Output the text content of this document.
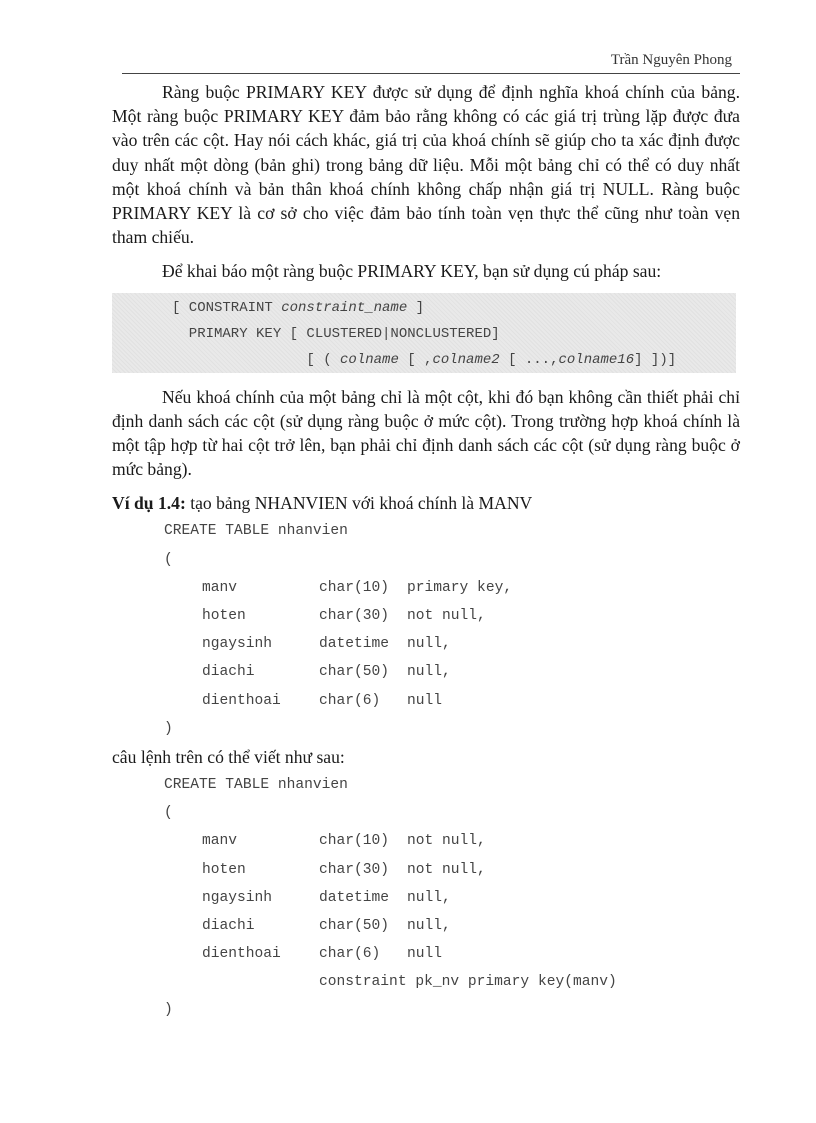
Trần Nguyên Phong

Ràng buộc PRIMARY KEY được sử dụng để định nghĩa khoá chính của bảng. Một ràng buộc PRIMARY KEY đảm bảo rằng không có các giá trị trùng lặp được đưa vào trên các cột. Hay nói cách khác, giá trị của khoá chính sẽ giúp cho ta xác định được duy nhất một dòng (bản ghi) trong bảng dữ liệu. Mỗi một bảng chỉ có thể có duy nhất một khoá chính và bản thân khoá chính không chấp nhận giá trị NULL. Ràng buộc PRIMARY KEY là cơ sở cho việc đảm bảo tính toàn vẹn thực thể cũng như toàn vẹn tham chiếu.

Để khai báo một ràng buộc PRIMARY KEY, bạn sử dụng cú pháp sau:

[ CONSTRAINT constraint_name ]
PRIMARY KEY [ CLUSTERED|NONCLUSTERED]
[ ( colname [ ,colname2 [ ...,colname16] ])]

Nếu khoá chính của một bảng chỉ là một cột, khi đó bạn không cần thiết phải chỉ định danh sách các cột (sử dụng ràng buộc ở mức cột). Trong trường hợp khoá chính là một tập hợp từ hai cột trở lên, bạn phải chỉ định danh sách các cột (sử dụng ràng buộc ở mức bảng).

Ví dụ 1.4: tạo bảng NHANVIEN với khoá chính là MANV

CREATE TABLE nhanvien
(
manv	char(10) primary key,
hoten	char(30) not null,
ngaysinh	datetime null,
diachi	char(50) null,
dienthoai	char(6) null
)

câu lệnh trên có thể viết như sau:

CREATE TABLE nhanvien
(
manv	char(10) not null,
hoten	char(30) not null,
ngaysinh	datetime null,
diachi	char(50) null,
dienthoai	char(6) null
constraint pk_nv primary key(manv)
)
